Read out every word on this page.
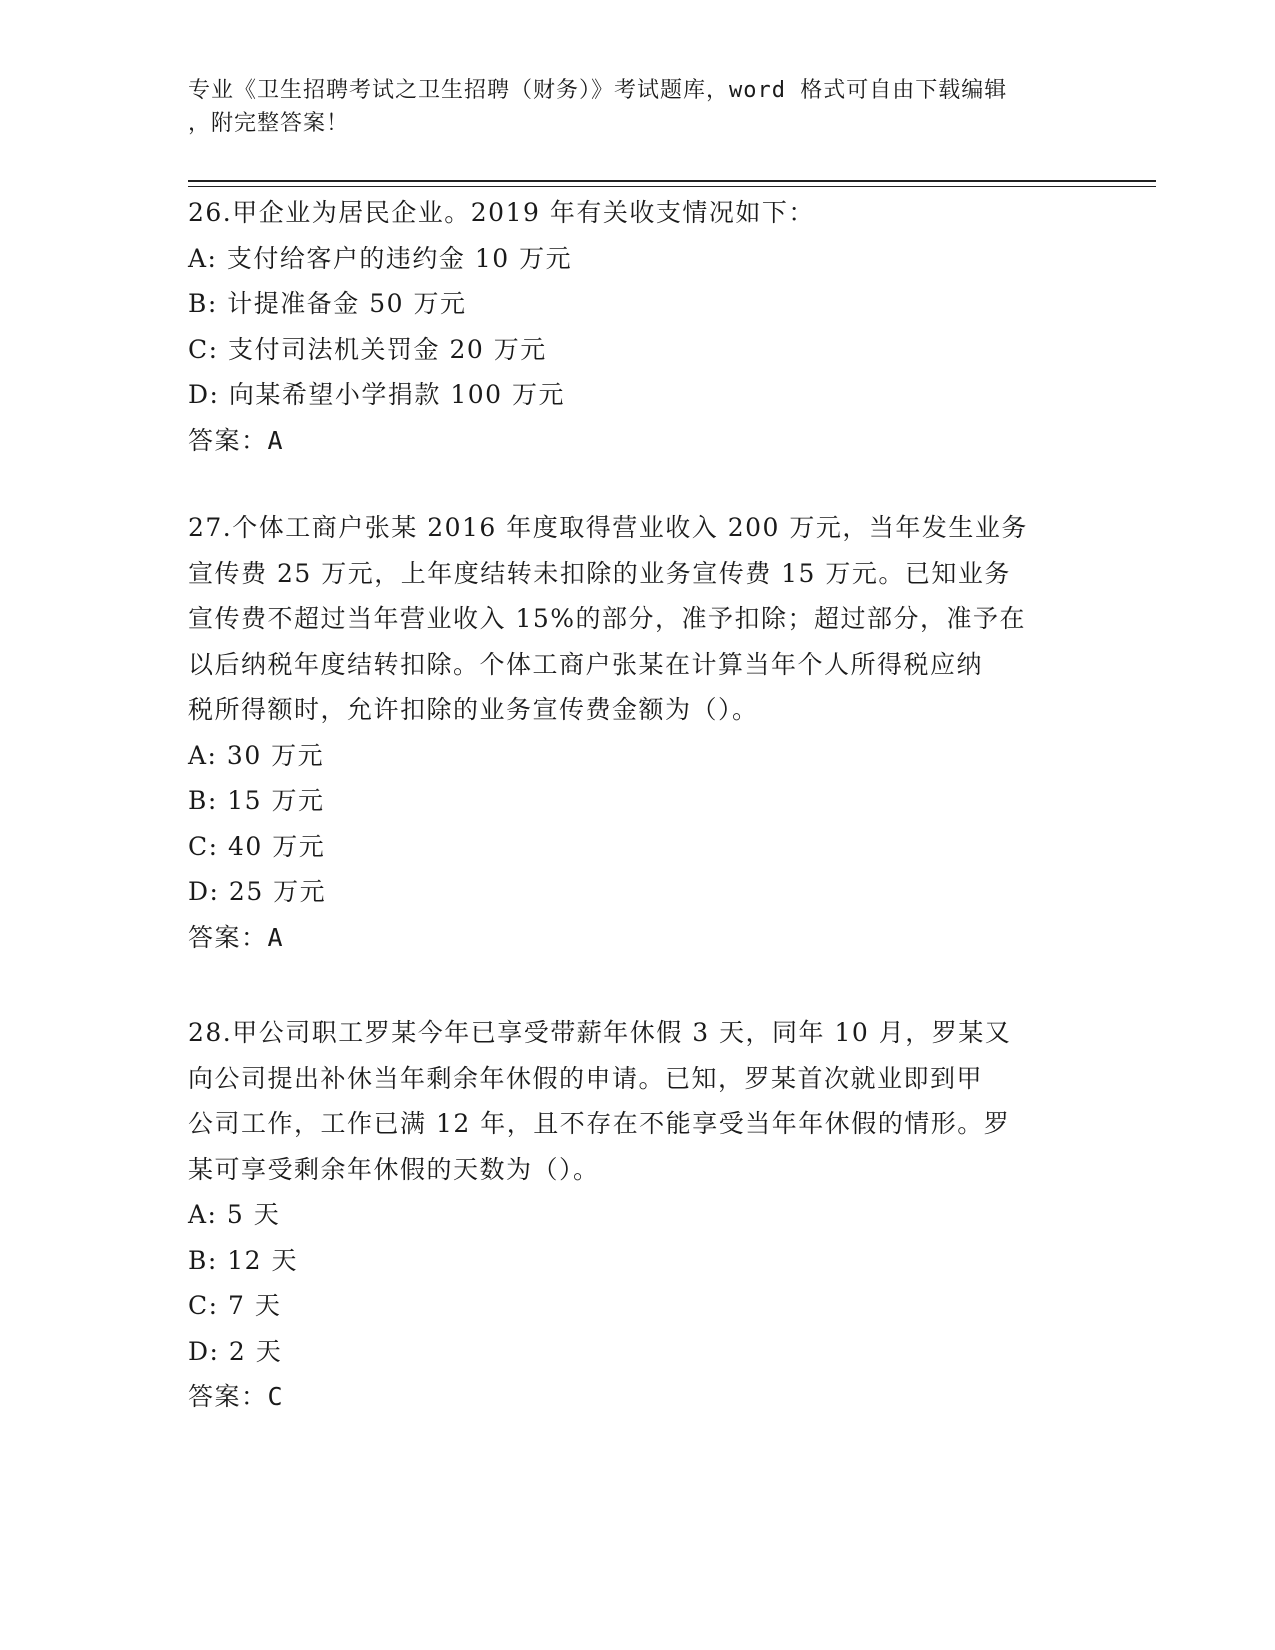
专业《卫生招聘考试之卫生招聘（财务）》考试题库，word 格式可自由下载编辑
，附完整答案！

26.甲企业为居民企业。2019 年有关收支情况如下：

A: 支付给客户的违约金 10 万元

B: 计提准备金 50 万元

C: 支付司法机关罚金 20 万元

D: 向某希望小学捐款 100 万元

答案：A

27.个体工商户张某 2016 年度取得营业收入 200 万元，当年发生业务

宣传费 25 万元，上年度结转未扣除的业务宣传费 15 万元。已知业务

宣传费不超过当年营业收入 15%的部分，准予扣除；超过部分，准予在

以后纳税年度结转扣除。个体工商户张某在计算当年个人所得税应纳

税所得额时，允许扣除的业务宣传费金额为（）。

A: 30 万元

B: 15 万元

C: 40 万元

D: 25 万元

答案：A

28.甲公司职工罗某今年已享受带薪年休假 3 天，同年 10 月，罗某又

向公司提出补休当年剩余年休假的申请。已知，罗某首次就业即到甲

公司工作，工作已满 12 年，且不存在不能享受当年年休假的情形。罗

某可享受剩余年休假的天数为（）。

A: 5 天

B: 12 天

C: 7 天

D: 2 天

答案：C
